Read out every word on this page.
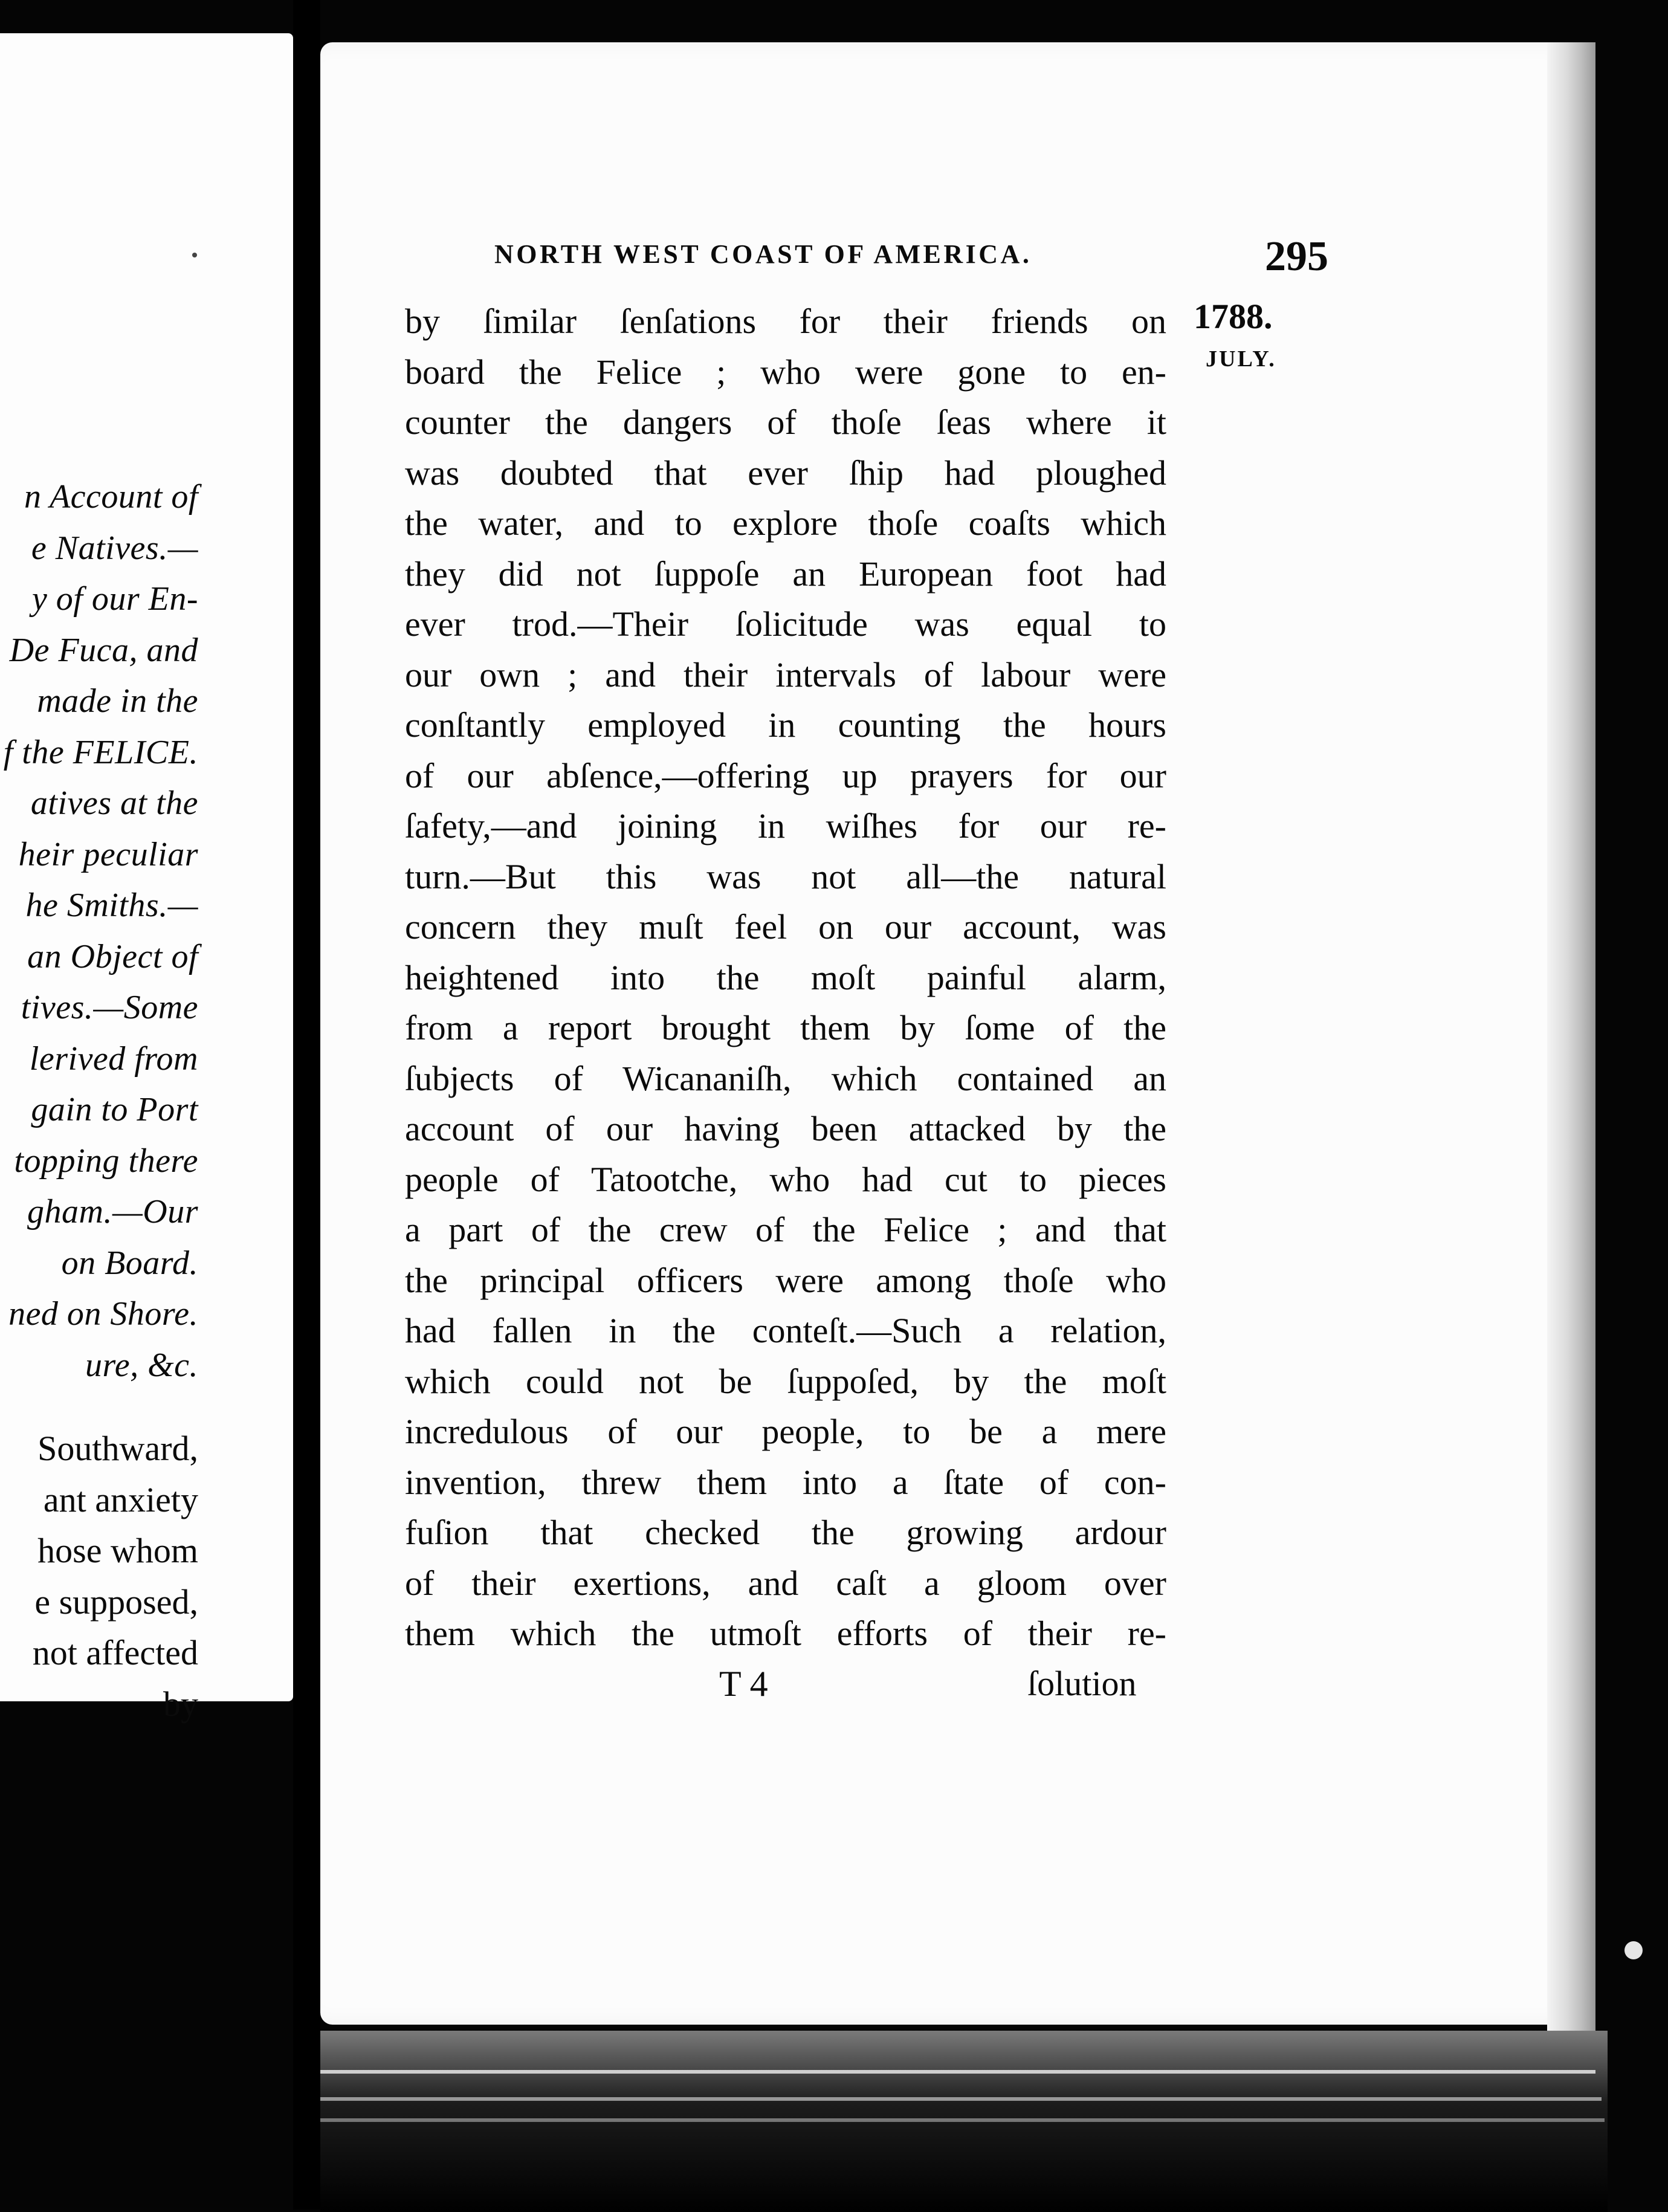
n Account of
e Natives.—
y of our En-
De Fuca, and
made in the
f the FELICE.
atives at the
heir peculiar
he Smiths.—
an Object of
tives.—Some
lerived from
gain to Port
topping there
gham.—Our
on Board.
ned on Shore.
ure, &c.
Southward,
ant anxiety
hose whom
e supposed,
not affected
by
NORTH WEST COAST OF AMERICA.	295
1788.
JULY.
by ſimilar ſenſations for their friends on
board the Felice ; who were gone to en-
counter the dangers of thoſe ſeas where it
was doubted that ever ſhip had ploughed
the water, and to explore thoſe coaſts which
they did not ſuppoſe an European foot had
ever trod.—Their ſolicitude was equal to
our own ; and their intervals of labour were
conſtantly employed in counting the hours
of our abſence,—offering up prayers for our
ſafety,—and joining in wiſhes for our re-
turn.—But this was not all—the natural
concern they muſt feel on our account, was
heightened into the moſt painful alarm,
from a report brought them by ſome of the
ſubjects of Wicananiſh, which contained an
account of our having been attacked by the
people of Tatootche, who had cut to pieces
a part of the crew of the Felice ; and that
the principal officers were among thoſe who
had fallen in the conteſt.—Such a relation,
which could not be ſuppoſed, by the moſt
incredulous of our people, to be a mere
invention, threw them into a ſtate of con-
fuſion that checked the growing ardour
of their exertions, and caſt a gloom over
them which the utmoſt efforts of their re-
T 4	ſolution
